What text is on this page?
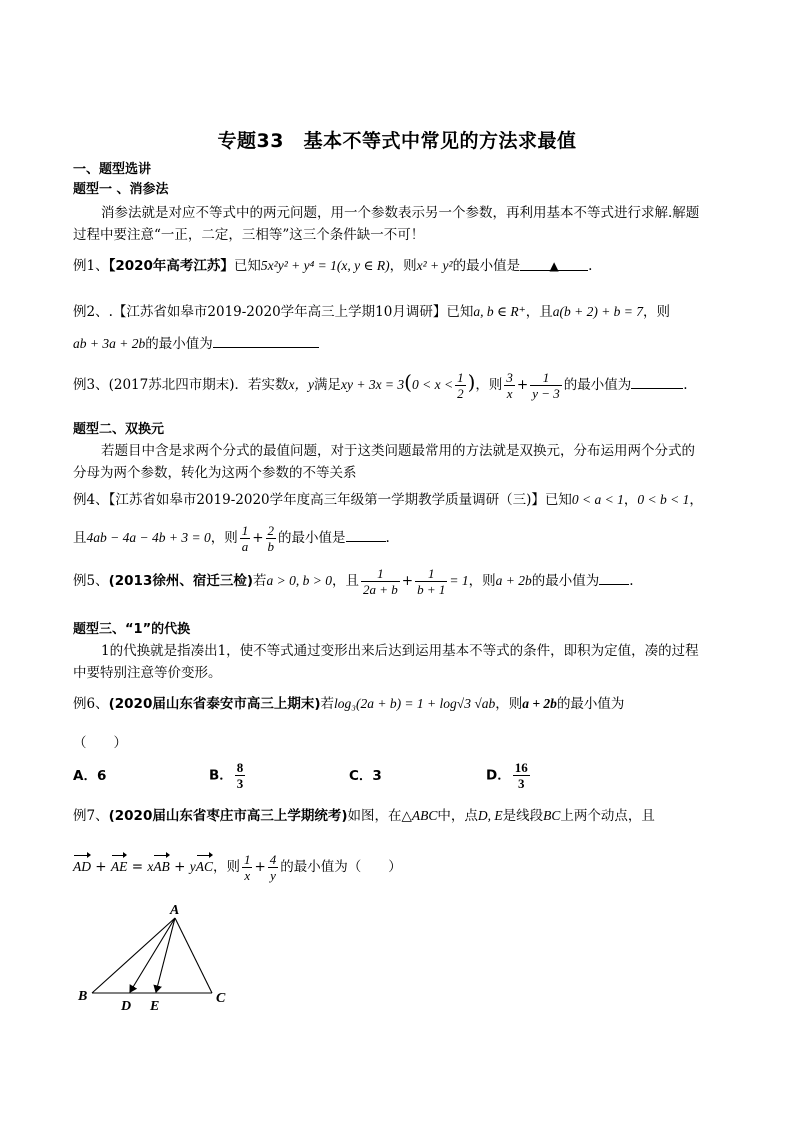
专题33　基本不等式中常见的方法求最值
一、题型选讲
题型一 、消参法
消参法就是对应不等式中的两元问题，用一个参数表示另一个参数，再利用基本不等式进行求解.解题
过程中要注意“一正，二定，三相等”这三个条件缺一不可！
例1、【2020年高考江苏】已知5x²y² + y⁴ = 1(x, y ∈ R)，则x² + y²的最小值是 ▲ .
例2、.【江苏省如皋市2019-2020学年高三上学期10月调研】已知a, b ∈ R⁺，且a(b + 2) + b = 7，则
ab + 3a + 2b的最小值为
例3、(2017苏北四市期末)．若实数x，y满足xy + $3x = 3(0 < x < \frac{1}{2}$ )，则 $\frac{3}{x} + \frac{1}{y - 3}$ 的最小值为	.
题型二、双换元
若题目中含是求两个分式的最值问题，对于这类问题最常用的方法就是双换元，分布运用两个分式的
分母为两个参数，转化为这两个参数的不等关系
例4、【江苏省如皋市2019-2020学年度高三年级第一学期教学质量调研（三)】已知0 < a < 1，0 < b < 1，
且4ab − 4a − 4b + 3 = 0，则 $\frac{1}{a} + \frac{2}{b}$ 的最小值是	.
例5、(2013徐州、宿迁三检)若a > 0, b > 0，且 $\frac{1}{2a + b} + \frac{1}{b + 1} = 1$，则a + 2b的最小值为 .
题型三、“1”的代换
1的代换就是指凑出1，使不等式通过变形出来后达到运用基本不等式的条件，即积为定值，凑的过程
中要特别注意等价变形。
例6、(2020届山东省泰安市高三上期末)若log₃(2a + b) = 1 + log√3 √ab，则a + 2b的最小值为
（　　）
A．6	B． $\frac{8}{3}$	C．3	D． $\frac{16}{3}$
例7、(2020届山东省枣庄市高三上学期统考)如图，在△ABC中，点D, E是线段BC上两个动点，且
AD + AE = xAB + yAC，则 $\frac{1}{x} + \frac{4}{y}$ 的最小值为（　　）
A
B	C
D E
